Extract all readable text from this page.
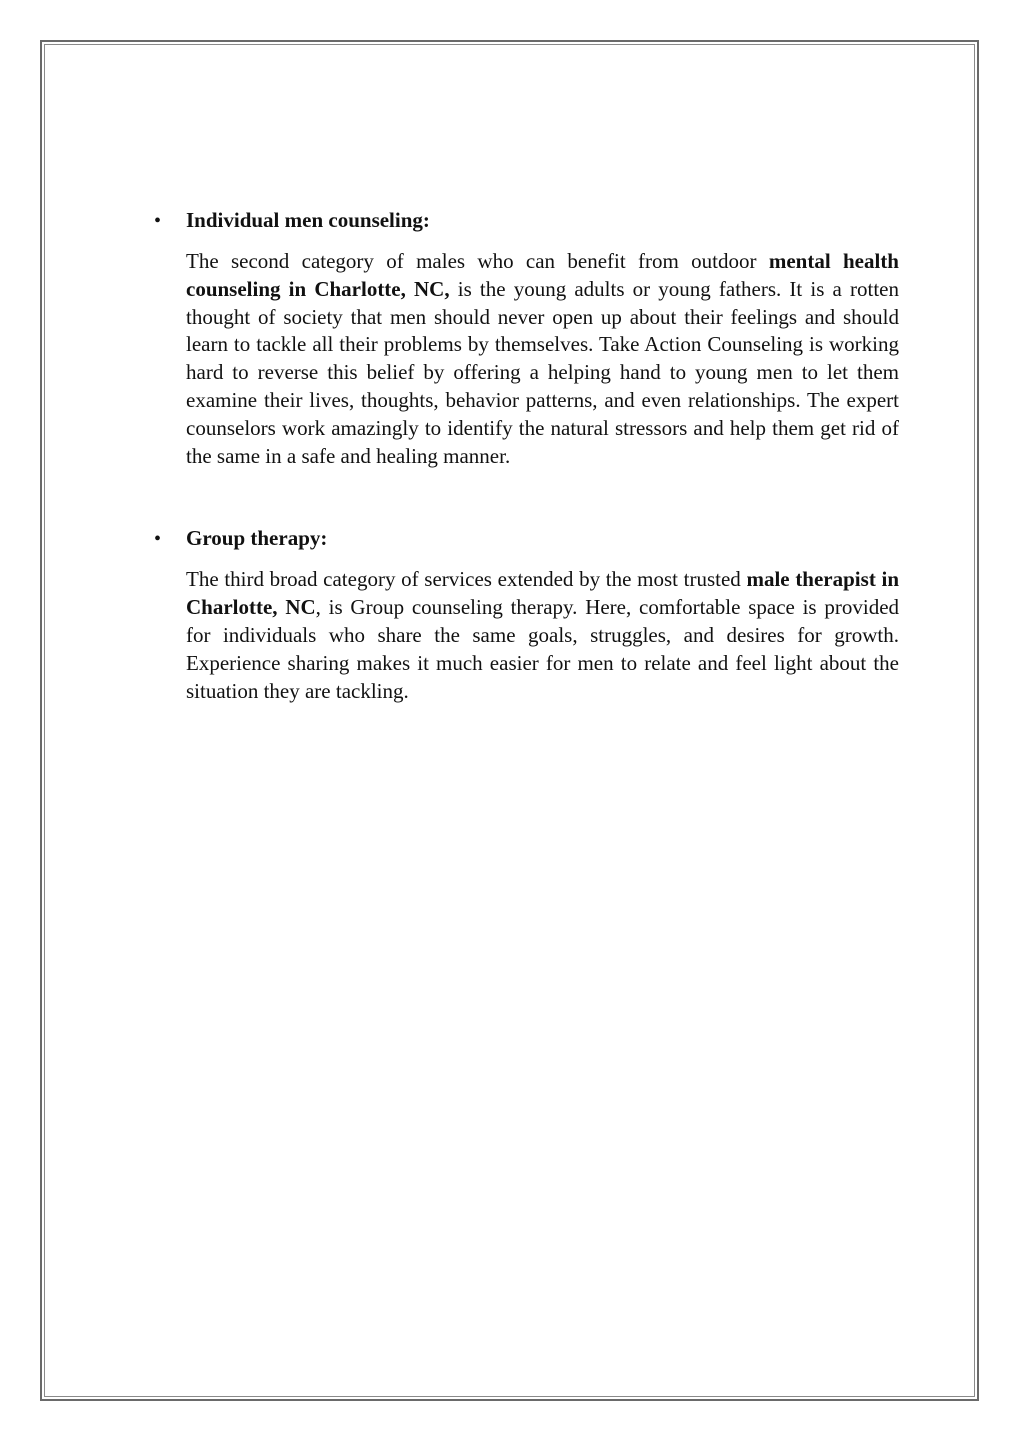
• Individual men counseling:

The second category of males who can benefit from outdoor mental health counseling in Charlotte, NC, is the young adults or young fathers. It is a rotten thought of society that men should never open up about their feelings and should learn to tackle all their problems by themselves. Take Action Counseling is working hard to reverse this belief by offering a helping hand to young men to let them examine their lives, thoughts, behavior patterns, and even relationships. The expert counselors work amazingly to identify the natural stressors and help them get rid of the same in a safe and healing manner.

• Group therapy:

The third broad category of services extended by the most trusted male therapist in Charlotte, NC, is Group counseling therapy. Here, comfortable space is provided for individuals who share the same goals, struggles, and desires for growth. Experience sharing makes it much easier for men to relate and feel light about the situation they are tackling.
